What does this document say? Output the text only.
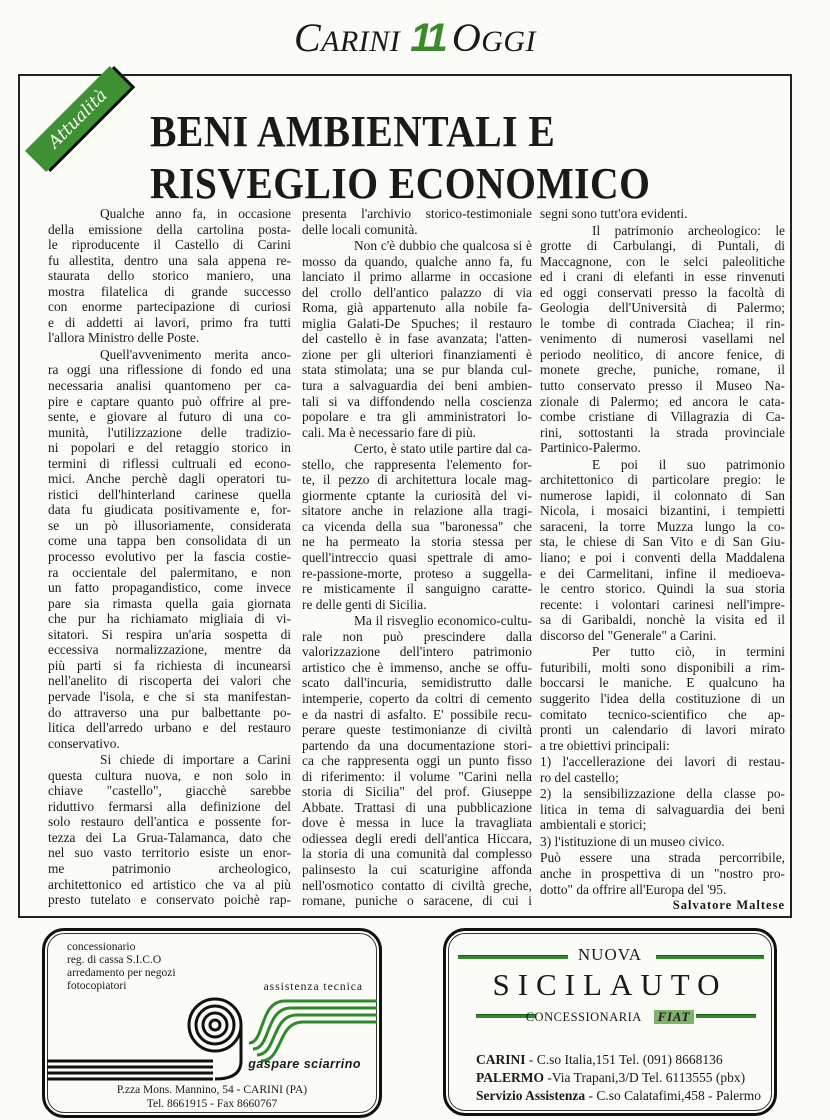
CARINI 11 OGGI
Attualità BENI AMBIENTALI E
RISVEGLIO ECONOMICO
Qualche anno fa, in occasione
della emissione della cartolina posta-
le riproducente il Castello di Carini
fu allestita, dentro una sala appena re-
staurata dello storico maniero, una
mostra filatelica di grande successo
con enorme partecipazione di curiosi
e di addetti ai lavori, primo fra tutti
l'allora Ministro delle Poste.
Quell'avvenimento merita anco-
ra oggi una riflessione di fondo ed una
necessaria analisi quantomeno per ca-
pire e captare quanto può offrire al pre-
sente, e giovare al futuro di una co-
munità, l'utilizzazione delle tradizio-
ni popolari e del retaggio storico in
termini di riflessi cultruali ed econo-
mici. Anche perchè dagli operatori tu-
ristici dell'hinterland carinese quella
data fu giudicata positivamente e, for-
se un pò illusoriamente, considerata
come una tappa ben consolidata di un
processo evolutivo per la fascia costie-
ra occientale del palermitano, e non
un fatto propagandistico, come invece
pare sia rimasta quella gaia giornata
che pur ha richiamato migliaia di vi-
sitatori. Si respira un'aria sospetta di
eccessiva normalizzazione, mentre da
più parti si fa richiesta di incunearsi
nell'anelito di riscoperta dei valori che
pervade l'isola, e che si sta manifestan-
do attraverso una pur balbettante po-
litica dell'arredo urbano e del restauro
conservativo.
Si chiede di importare a Carini
questa cultura nuova, e non solo in
chiave "castello", giacchè sarebbe
riduttivo fermarsi alla definizione del
solo restauro dell'antica e possente for-
tezza dei La Grua-Talamanca, dato che
nel suo vasto territorio esiste un enor-
me patrimonio archeologico,
architettonico ed artistico che va al più
presto tutelato e conservato poichè rap-
presenta l'archivio storico-testimoniale
delle locali comunità.
Non c'è dubbio che qualcosa si è
mosso da quando, qualche anno fa, fu
lanciato il primo allarme in occasione
del crollo dell'antico palazzo di via
Roma, già appartenuto alla nobile fa-
miglia Galati-De Spuches; il restauro
del castello è in fase avanzata; l'atten-
zione per gli ulteriori finanziamenti è
stata stimolata; una se pur blanda cul-
tura a salvaguardia dei beni ambien-
tali si va diffondendo nella coscienza
popolare e tra gli amministratori lo-
cali. Ma è necessario fare di più.
Certo, è stato utile partire dal ca-
stello, che rappresenta l'elemento for-
te, il pezzo di architettura locale mag-
giormente cptante la curiosità del vi-
sitatore anche in relazione alla tragi-
ca vicenda della sua "baronessa" che
ne ha permeato la storia stessa per
quell'intreccio quasi spettrale di amo-
re-passione-morte, proteso a suggella-
re misticamente il sanguigno caratte-
re delle genti di Sicilia.
Ma il risveglio economico-cultu-
rale non può prescindere dalla
valorizzazione dell'intero patrimonio
artistico che è immenso, anche se offu-
scato dall'incuria, semidistrutto dalle
intemperie, coperto da coltri di cemento
e da nastri di asfalto. E' possibile recu-
perare queste testimonianze di civiltà
partendo da una documentazione stori-
ca che rappresenta oggi un punto fisso
di riferimento: il volume "Carini nella
storia di Sicilia" del prof. Giuseppe
Abbate. Trattasi di una pubblicazione
dove è messa in luce la travagliata
odiessea degli eredi dell'antica Hiccara,
la storia di una comunità dal complesso
palinsesto la cui scaturigine affonda
nell'osmotico contatto di civiltà greche,
romane, puniche o saracene, di cui i
segni sono tutt'ora evidenti.
Il patrimonio archeologico: le
grotte di Carbulangi, di Puntali, di
Maccagnone, con le selci paleolitiche
ed i crani di elefanti in esse rinvenuti
ed oggi conservati presso la facoltà di
Geologia dell'Università di Palermo;
le tombe di contrada Ciachea; il rin-
venimento di numerosi vasellami nel
periodo neolitico, di ancore fenice, di
monete greche, puniche, romane, il
tutto conservato presso il Museo Na-
zionale di Palermo; ed ancora le cata-
combe cristiane di Villagrazia di Ca-
rini, sottostanti la strada provinciale
Partinico-Palermo.
E poi il suo patrimonio
architettonico di particolare pregio: le
numerose lapidi, il colonnato di San
Nicola, i mosaici bizantini, i tempietti
saraceni, la torre Muzza lungo la co-
sta, le chiese di San Vito e di San Giu-
liano; e poi i conventi della Maddalena
e dei Carmelitani, infine il medioeva-
le centro storico. Quindi la sua storia
recente: i volontari carinesi nell'impre-
sa di Garibaldi, nonchè la visita ed il
discorso del "Generale" a Carini.
Per tutto ciò, in termini
futuribili, molti sono disponibili a rim-
boccarsi le maniche. E qualcuno ha
suggerito l'idea della costituzione di un
comitato tecnico-scientifico che ap-
pronti un calendario di lavori mirato
a tre obiettivi principali:
1) l'accellerazione dei lavori di restau-
ro del castello;
2) la sensibilizzazione della classe po-
litica in tema di salvaguardia dei beni
ambientali e storici;
3) l'istituzione di un museo civico.
Può essere una strada percorribile,
anche in prospettiva di un "nostro pro-
dotto" da offrire all'Europa del '95.
Salvatore Maltese
concessionario
reg. di cassa S.I.C.O
arredamento per negozi
fotocopiatori	assistenza tecnica
gaspare sciarrino
P.zza Mons. Mannino, 54 - CARINI (PA)
Tel. 8661915 - Fax 8660767
NUOVA
SICILAUTO
CONCESSIONARIA FIAT
CARINI - C.so Italia,151 Tel. (091) 8668136
PALERMO -Via Trapani,3/D Tel. 6113555 (pbx)
Servizio Assistenza - C.so Calatafimi,458 - Palermo
